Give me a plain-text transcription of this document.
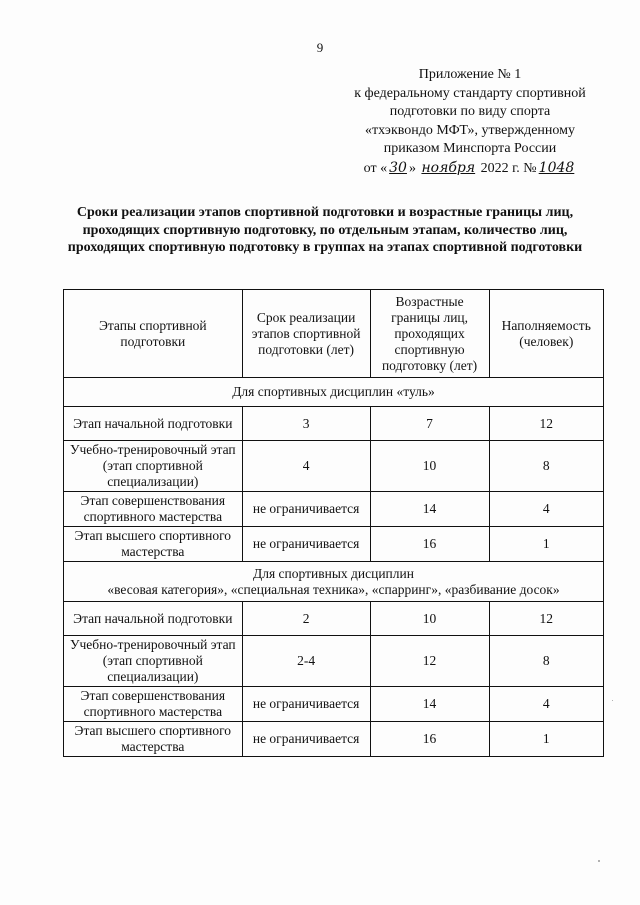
9
Приложение № 1
к федеральному стандарту спортивной
подготовки по виду спорта
«тхэквондо МФТ», утвержденному
приказом Минспорта России
от « 30 » ноября 2022 г. № 1048
Сроки реализации этапов спортивной подготовки и возрастные границы лиц, проходящих спортивную подготовку, по отдельным этапам, количество лиц, проходящих спортивную подготовку в группах на этапах спортивной подготовки
Этапы спортивной подготовки	Срок реализации этапов спортивной подготовки (лет)	Возрастные границы лиц, проходящих спортивную подготовку (лет)	Наполняемость (человек)
Для спортивных дисциплин «туль»			
Этап начальной подготовки	3	7	12
Учебно-тренировочный этап (этап спортивной специализации)	4	10	8
Этап совершенствования спортивного мастерства	не ограничивается	14	4
Этап высшего спортивного мастерства	не ограничивается	16	1

Для спортивных дисциплин
«весовая категория», «специальная техника», «спарринг», «разбивание досок»			

Этап начальной подготовки	2	10	12
Учебно-тренировочный этап (этап спортивной специализации)	2-4	12	8
Этап совершенствования спортивного мастерства	не ограничивается	14	4
Этап высшего спортивного мастерства	не ограничивается	16	1
